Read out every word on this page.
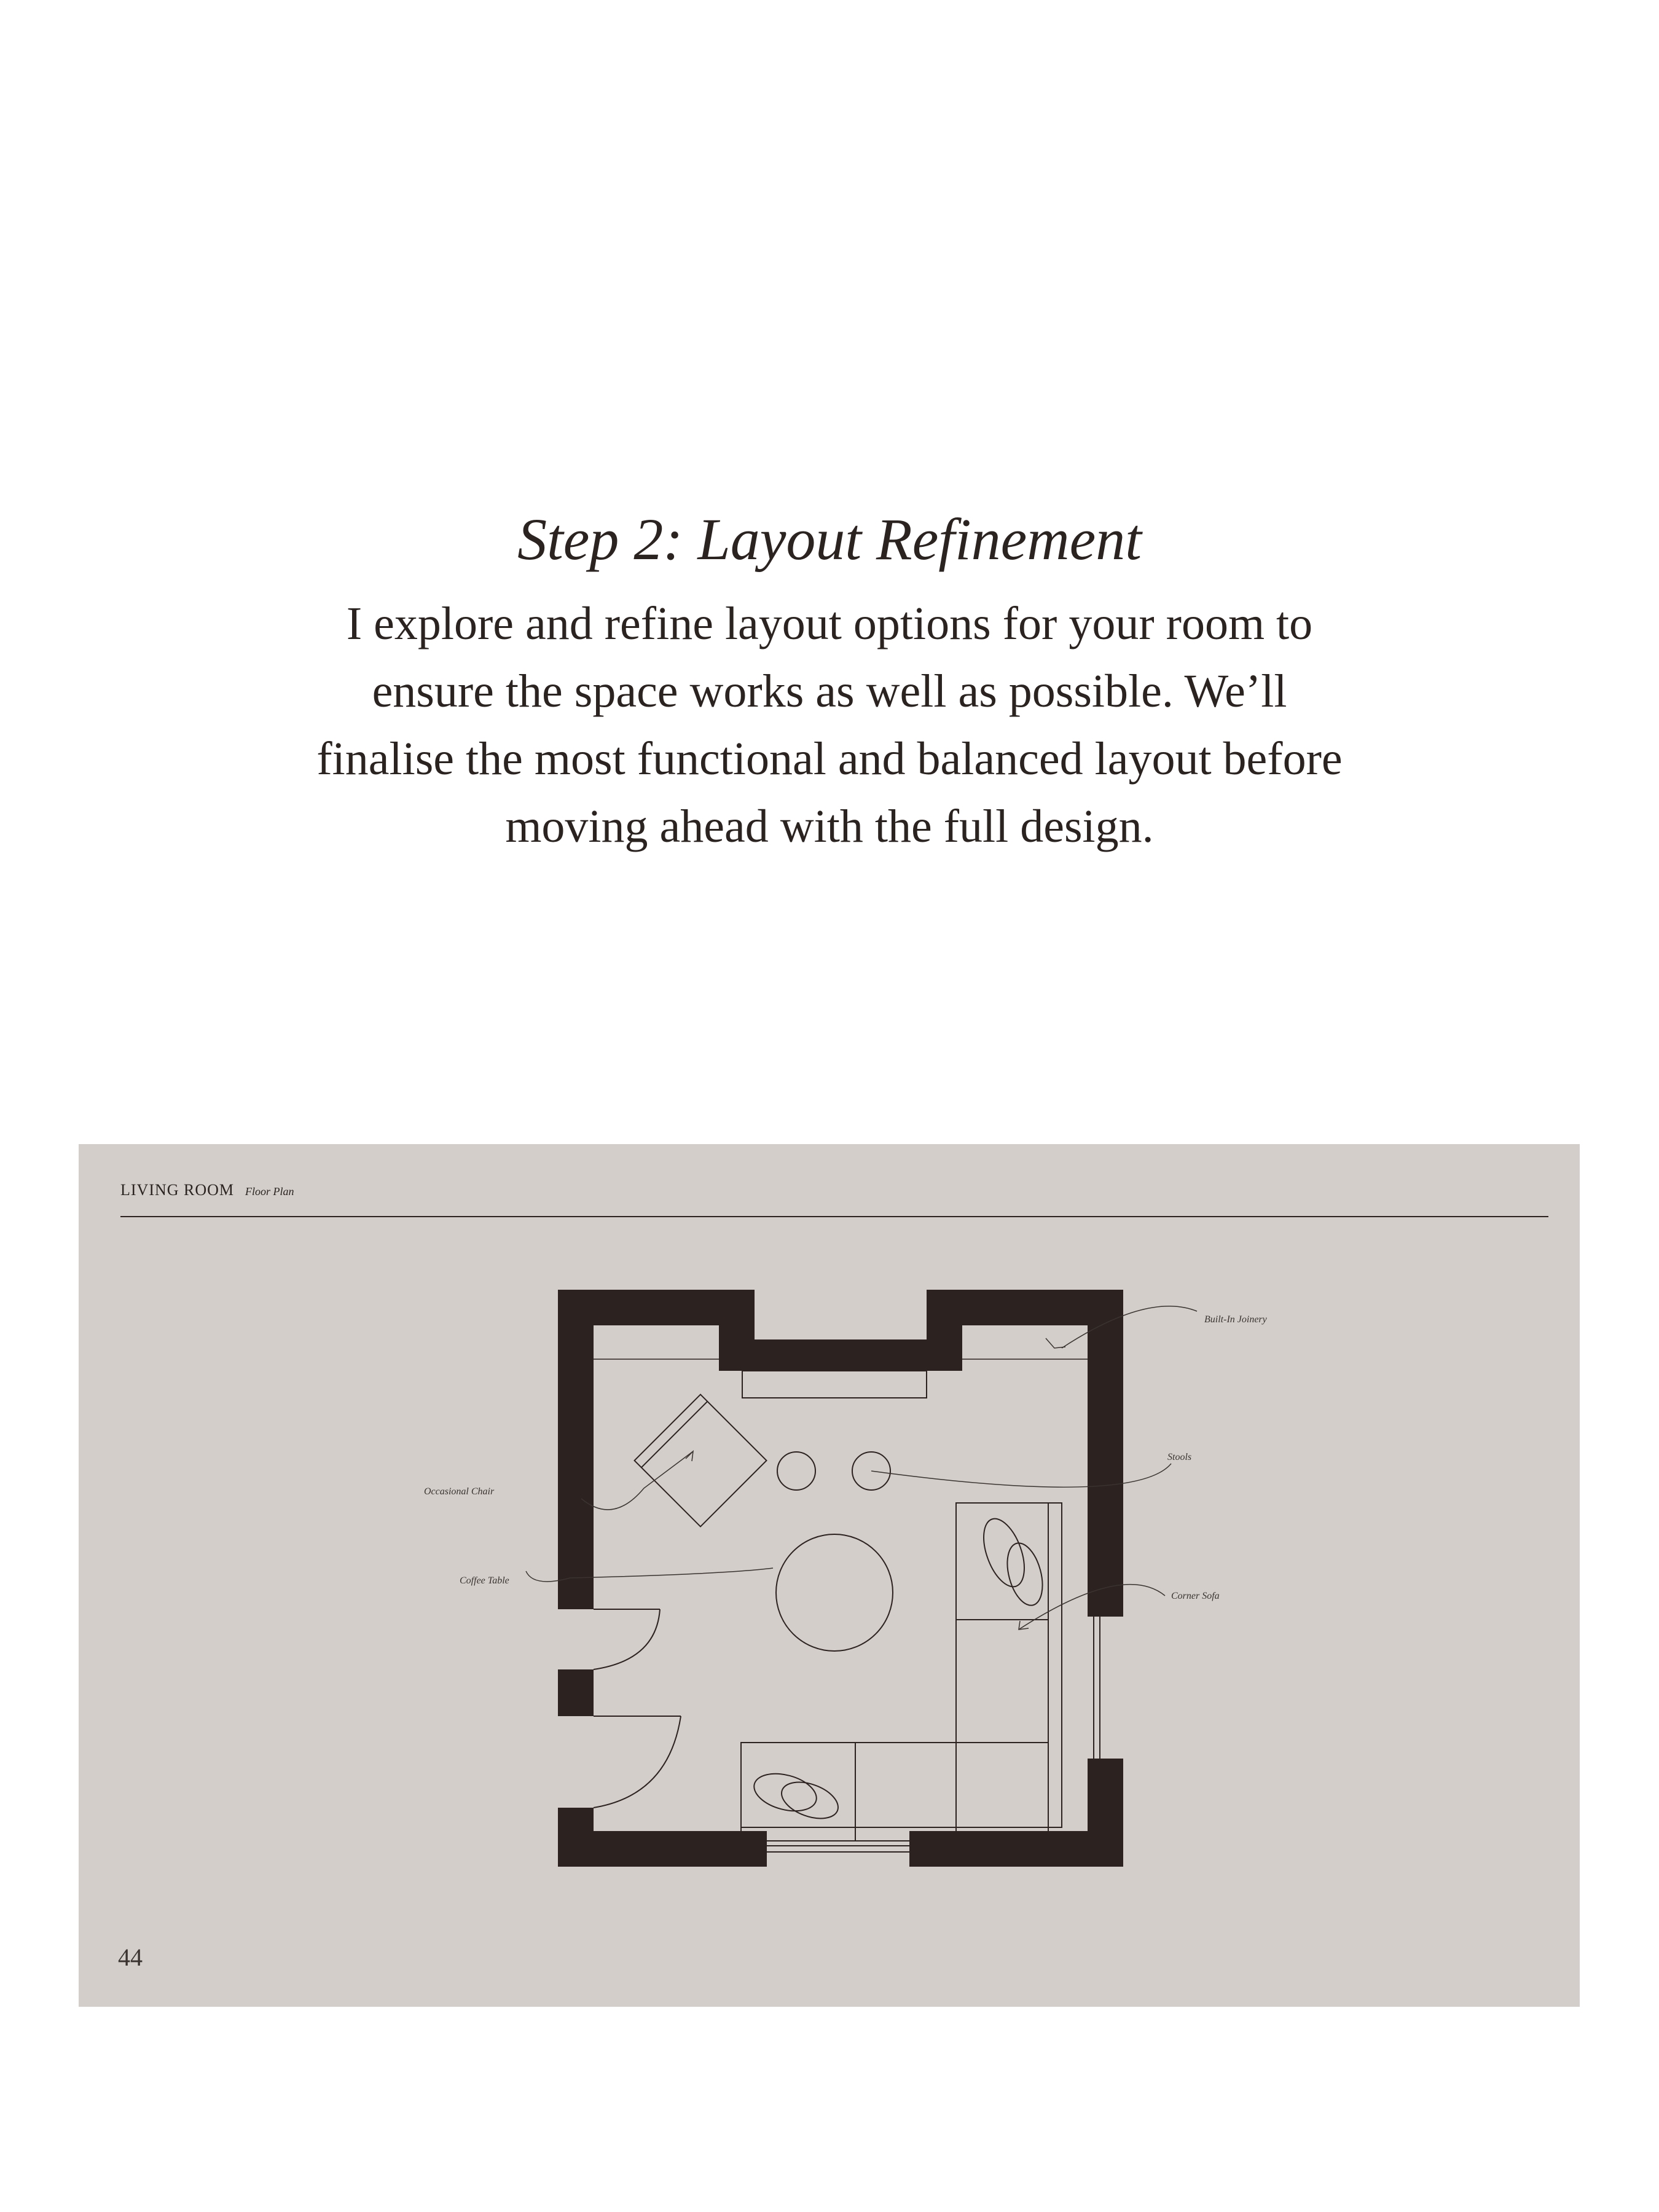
Step 2: Layout Refinement
I explore and refine layout options for your room to
ensure the space works as well as possible. We’ll
finalise the most functional and balanced layout before
moving ahead with the full design.
LIVING ROOM Floor Plan
Built-In Joinery
Stools
Occasional Chair
Coffee Table
Corner Sofa
44
